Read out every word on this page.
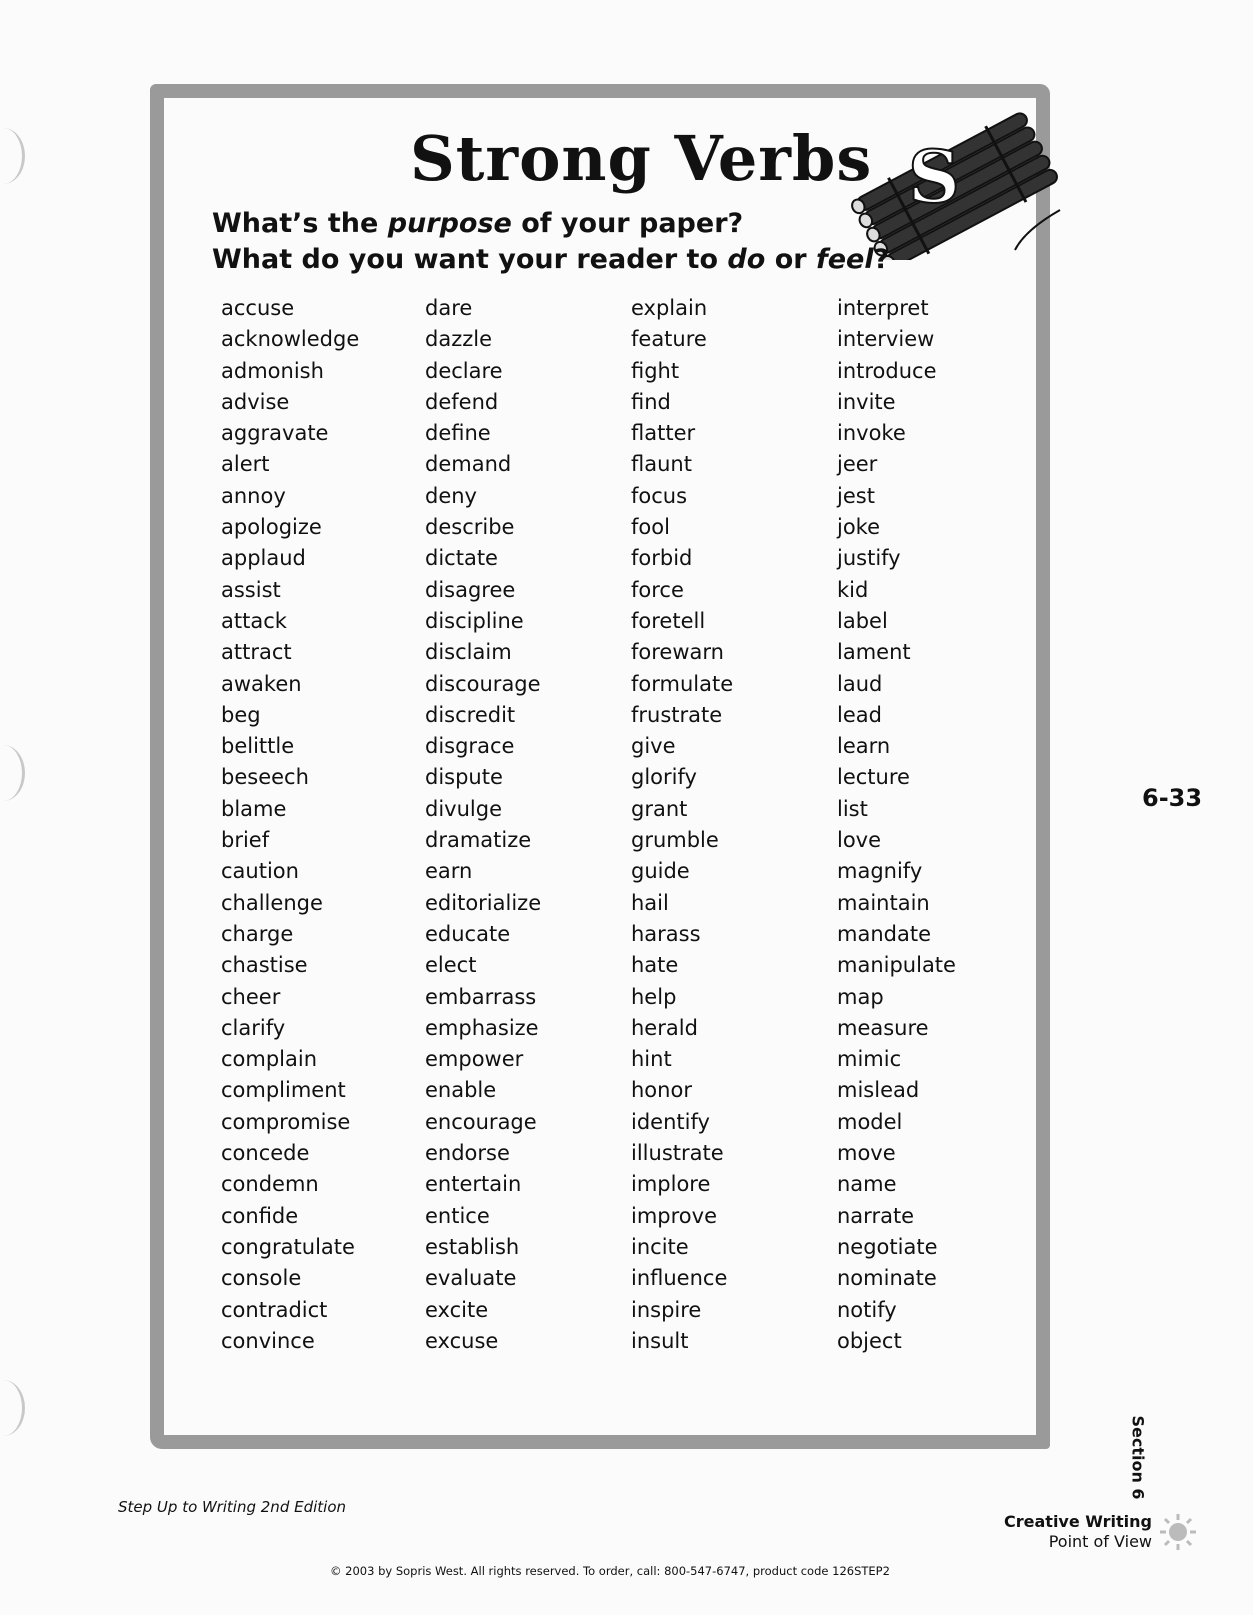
Strong Verbs S

What’s the purpose of your paper?

What do you want your reader to do or feel?

accuse
acknowledge
admonish
advise
aggravate
alert
annoy
apologize
applaud
assist
attack
attract
awaken
beg
belittle
beseech
blame
brief
caution
challenge
charge
chastise
cheer
clarify
complain
compliment
compromise
concede
condemn
confide
congratulate
console
contradict
convince
dare
dazzle
declare
defend
define
demand
deny
describe
dictate
disagree
discipline
disclaim
discourage
discredit
disgrace
dispute
divulge
dramatize
earn
editorialize
educate
elect
embarrass
emphasize
empower
enable
encourage
endorse
entertain
entice
establish
evaluate
excite
excuse
explain
feature
fight
find
flatter
flaunt
focus
fool
forbid
force
foretell
forewarn
formulate
frustrate
give
glorify
grant
grumble
guide
hail
harass
hate
help
herald
hint
honor
identify
illustrate
implore
improve
incite
influence
inspire
insult
interpret
interview
introduce
invite
invoke
jeer
jest
joke
justify
kid
label
lament
laud
lead
learn
lecture
list
love
magnify
maintain
mandate
manipulate
map
measure
mimic
mislead
model
move
name
narrate
negotiate
nominate
notify
object
6-33
Section 6
Step Up to Writing 2nd Edition
Creative Writing
Point of View
© 2003 by Sopris West. All rights reserved. To order, call: 800-547-6747, product code 126STEP2
